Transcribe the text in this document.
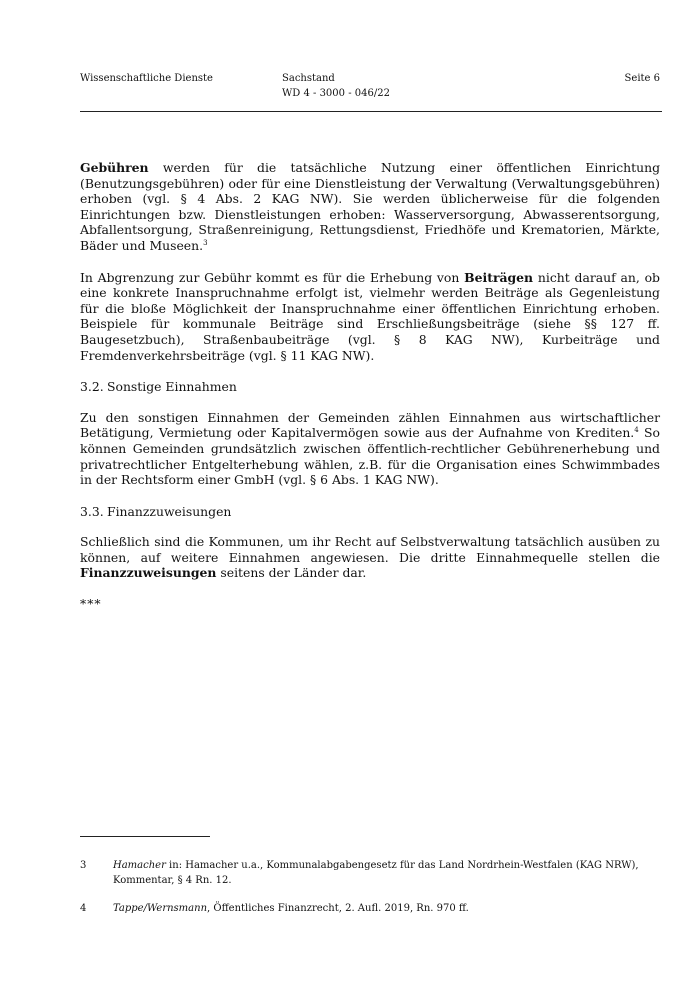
Wissenschaftliche Dienste	Sachstand
WD 4 - 3000 - 046/22
Seite 6

Gebühren werden für die tatsächliche Nutzung einer öffentlichen Einrichtung (Benutzungsgebühren) oder für eine Dienstleistung der Verwaltung (Verwaltungsgebühren) erhoben (vgl. § 4 Abs. 2 KAG NW). Sie werden üblicherweise für die folgenden Einrichtungen bzw. Dienstleistungen erhoben: Wasserversorgung, Abwasserentsorgung, Abfallentsorgung, Straßenreinigung, Rettungsdienst, Friedhöfe und Krematorien, Märkte, Bäder und Museen.$^3$

In Abgrenzung zur Gebühr kommt es für die Erhebung von Beiträgen nicht darauf an, ob eine konkrete Inanspruchnahme erfolgt ist, vielmehr werden Beiträge als Gegenleistung für die bloße Möglichkeit der Inanspruchnahme einer öffentlichen Einrichtung erhoben. Beispiele für kommunale Beiträge sind Erschließungsbeiträge (siehe §§ 127 ff. Baugesetzbuch), Straßenbaubeiträge (vgl. § 8 KAG NW), Kurbeiträge und Fremdenverkehrsbeiträge (vgl. § 11 KAG NW).

3.2. Sonstige Einnahmen

Zu den sonstigen Einnahmen der Gemeinden zählen Einnahmen aus wirtschaftlicher Betätigung, Vermietung oder Kapitalvermögen sowie aus der Aufnahme von Krediten.$^4$ So können Gemeinden grundsätzlich zwischen öffentlich-rechtlicher Gebührenerhebung und privatrechtlicher Entgelterhebung wählen, z.B. für die Organisation eines Schwimmbades in der Rechtsform einer GmbH (vgl. § 6 Abs. 1 KAG NW).

3.3. Finanzzuweisungen

Schließlich sind die Kommunen, um ihr Recht auf Selbstverwaltung tatsächlich ausüben zu können, auf weitere Einnahmen angewiesen. Die dritte Einnahmequelle stellen die Finanzzuweisungen seitens der Länder dar.

***

3	Hamacher in: Hamacher u.a., Kommunalabgabengesetz für das Land Nordrhein-Westfalen (KAG NRW), Kommentar, § 4 Rn. 12.
4	Tappe/Wernsmann, Öffentliches Finanzrecht, 2. Aufl. 2019, Rn. 970 ff.
